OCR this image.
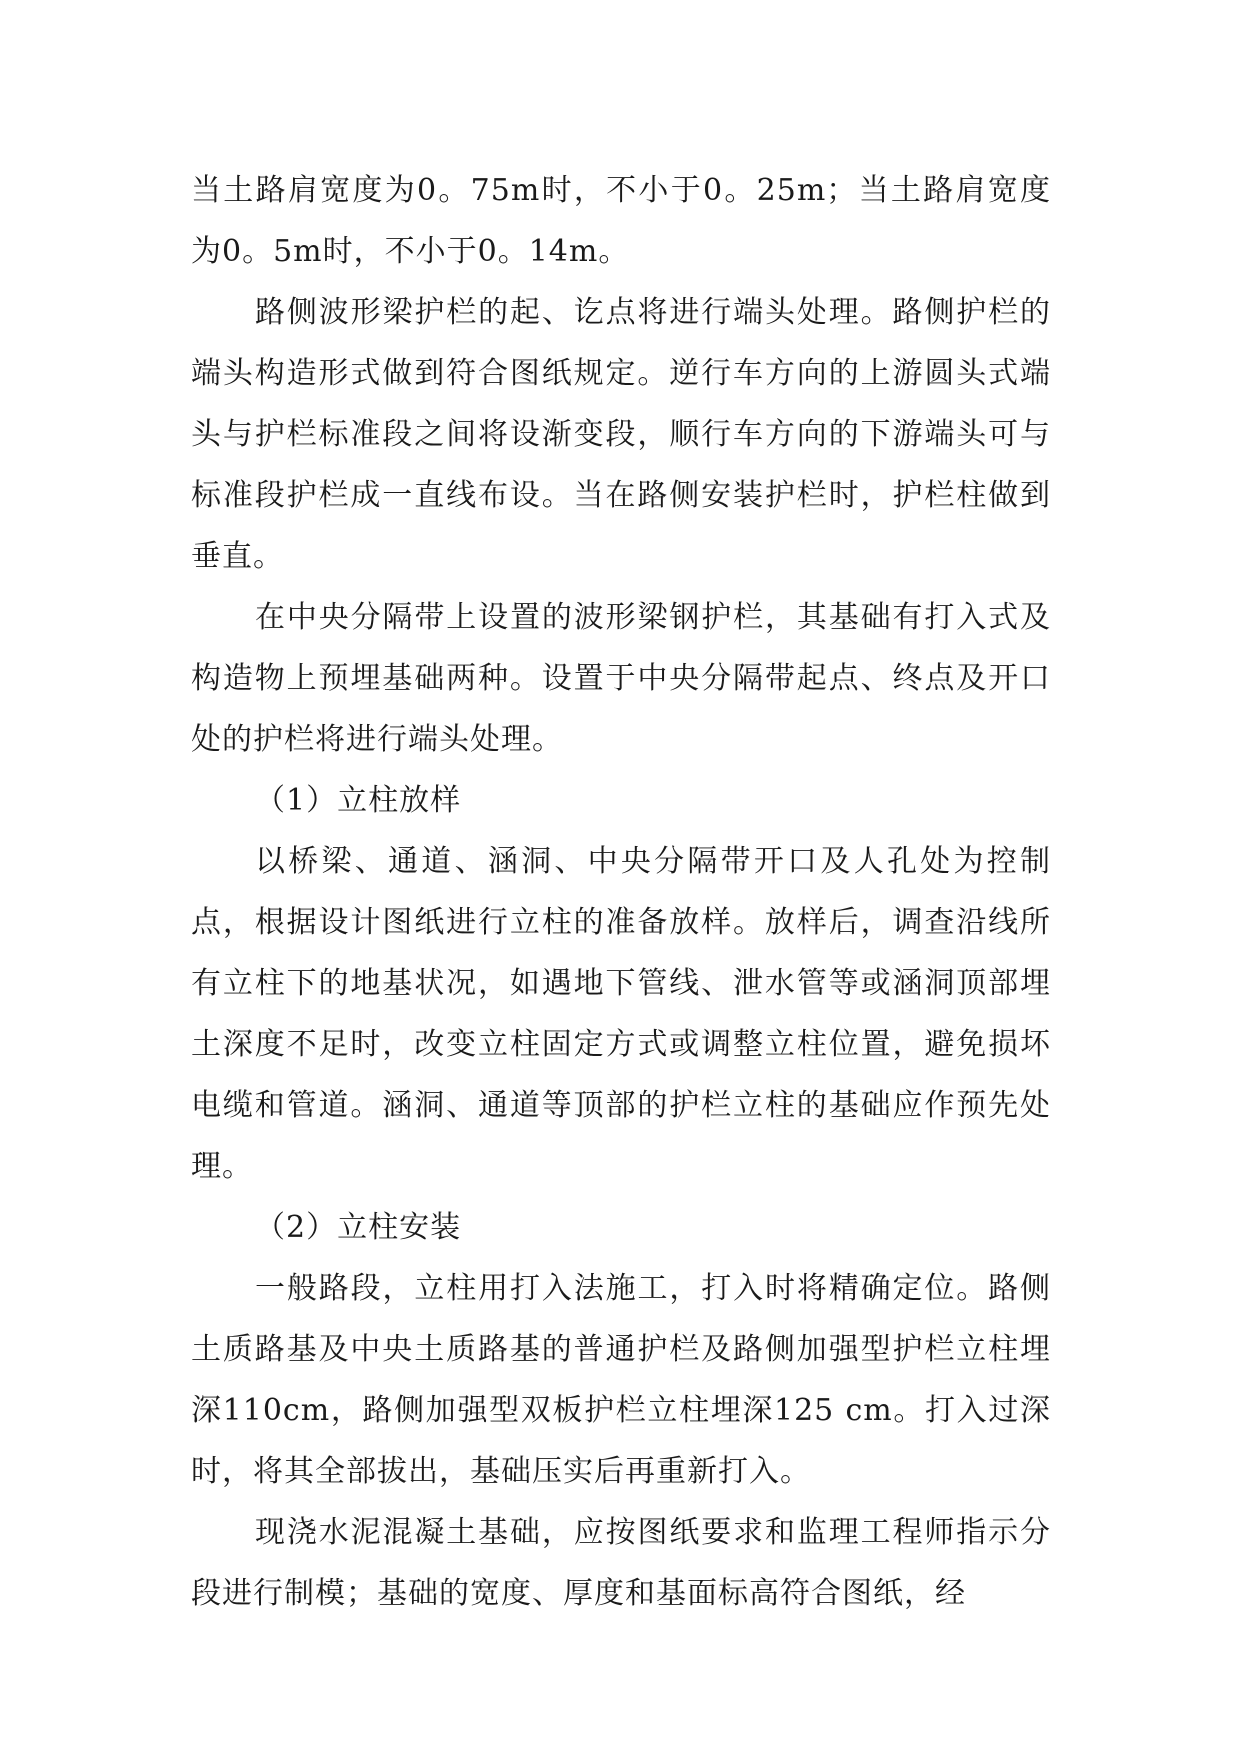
当土路肩宽度为0。75m时，不小于0。25m；当土路肩宽度为0。5m时，不小于0。14m。

路侧波形梁护栏的起、讫点将进行端头处理。路侧护栏的端头构造形式做到符合图纸规定。逆行车方向的上游圆头式端头与护栏标准段之间将设渐变段，顺行车方向的下游端头可与标准段护栏成一直线布设。当在路侧安装护栏时，护栏柱做到垂直。

在中央分隔带上设置的波形梁钢护栏，其基础有打入式及构造物上预埋基础两种。设置于中央分隔带起点、终点及开口处的护栏将进行端头处理。

（1）立柱放样

以桥梁、通道、涵洞、中央分隔带开口及人孔处为控制点，根据设计图纸进行立柱的准备放样。放样后，调查沿线所有立柱下的地基状况，如遇地下管线、泄水管等或涵洞顶部埋土深度不足时，改变立柱固定方式或调整立柱位置，避免损坏电缆和管道。涵洞、通道等顶部的护栏立柱的基础应作预先处理。

（2）立柱安装

一般路段，立柱用打入法施工，打入时将精确定位。路侧土质路基及中央土质路基的普通护栏及路侧加强型护栏立柱埋深110cm，路侧加强型双板护栏立柱埋深125 cm。打入过深时，将其全部拔出，基础压实后再重新打入。

现浇水泥混凝土基础，应按图纸要求和监理工程师指示分段进行制模；基础的宽度、厚度和基面标高符合图纸，经
